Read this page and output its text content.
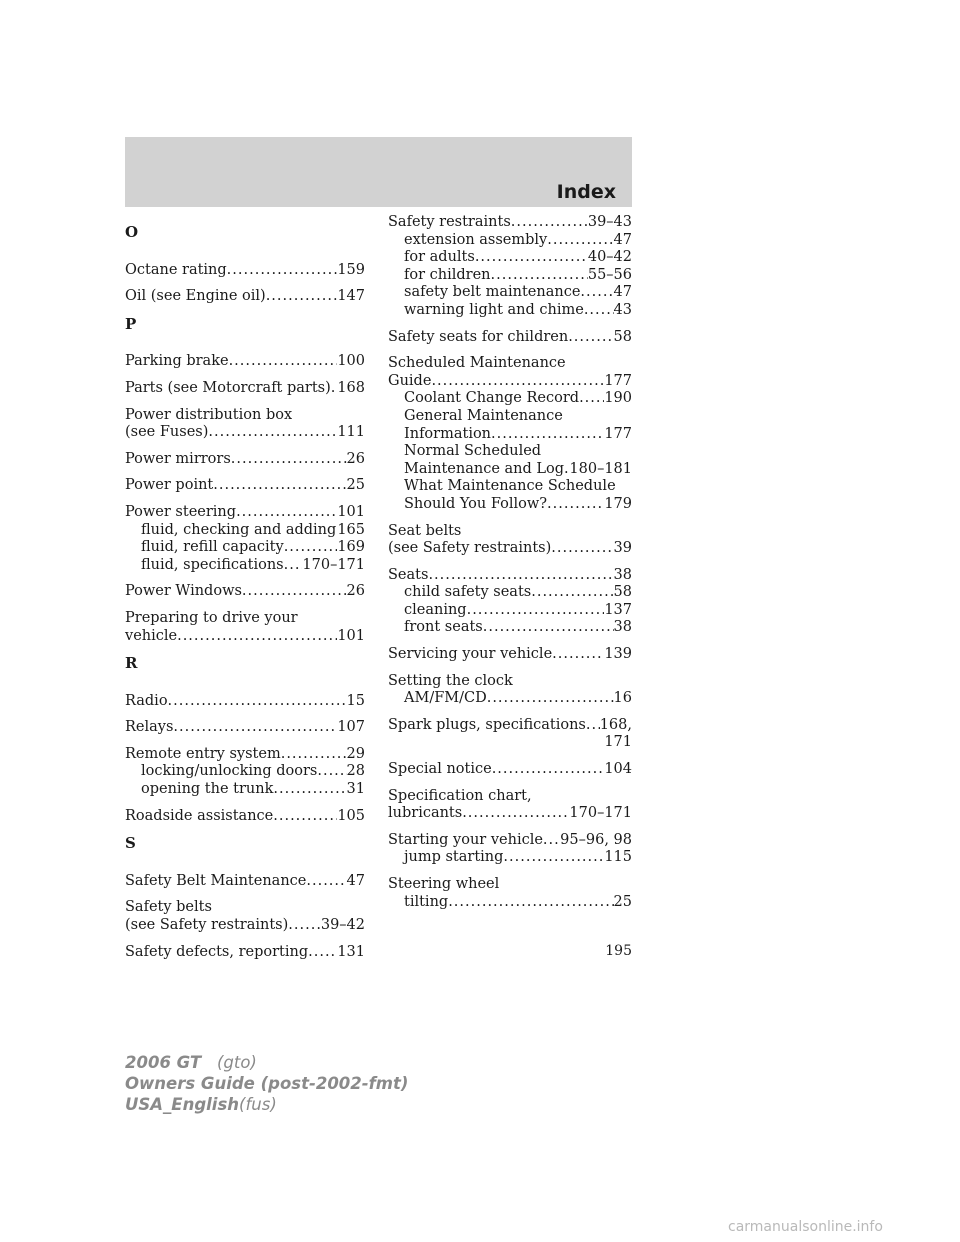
Index
O
Octane rating .....	159
Oil (see Engine oil) .....	147
P
Parking brake .....	100
Parts (see Motorcraft parts) ..... 168
Power distribution box
(see Fuses) .....	111
Power mirrors .....	26
Power point .....	25
Power steering .....	101
fluid, checking and adding ..... 165
fluid, refill capacity .....	169
fluid, specifications ..... 170–171
Power Windows .....	26
Preparing to drive your
vehicle .....	101
R
Radio .....	15
Relays .....	107
Remote entry system .....	29
locking/unlocking doors ..... 28
opening the trunk .....	31
Roadside assistance .....	105
S
Safety Belt Maintenance .....	47
Safety belts
(see Safety restraints) ..... 39–42
Safety defects, reporting ..... 131
Safety restraints .....	39–43
extension assembly .....	47
for adults .....	40–42
for children .....	55–56
safety belt maintenance ..... 47
warning light and chime ..... 43
Safety seats for children .....	58
Scheduled Maintenance
Guide .....	177
Coolant Change Record ..... 190
General Maintenance
Information .....	177
Normal Scheduled
Maintenance and Log ..... 180–181
What Maintenance Schedule
Should You Follow? .....	179
Seat belts
(see Safety restraints) .....	39
Seats .....	38
child safety seats .....	58
cleaning .....	137
front seats .....	38
Servicing your vehicle .....	139
Setting the clock
AM/FM/CD .....	16
Spark plugs, specifications ..... 168,
171
Special notice .....	104
Specification chart,
lubricants .....	170–171
Starting your vehicle ..... 95–96, 98
jump starting .....	115
Steering wheel
tilting .....	25
195
2006 GT (gto)
Owners Guide (post-2002-fmt)
USA_English(fus)
carmanualsonline.info
